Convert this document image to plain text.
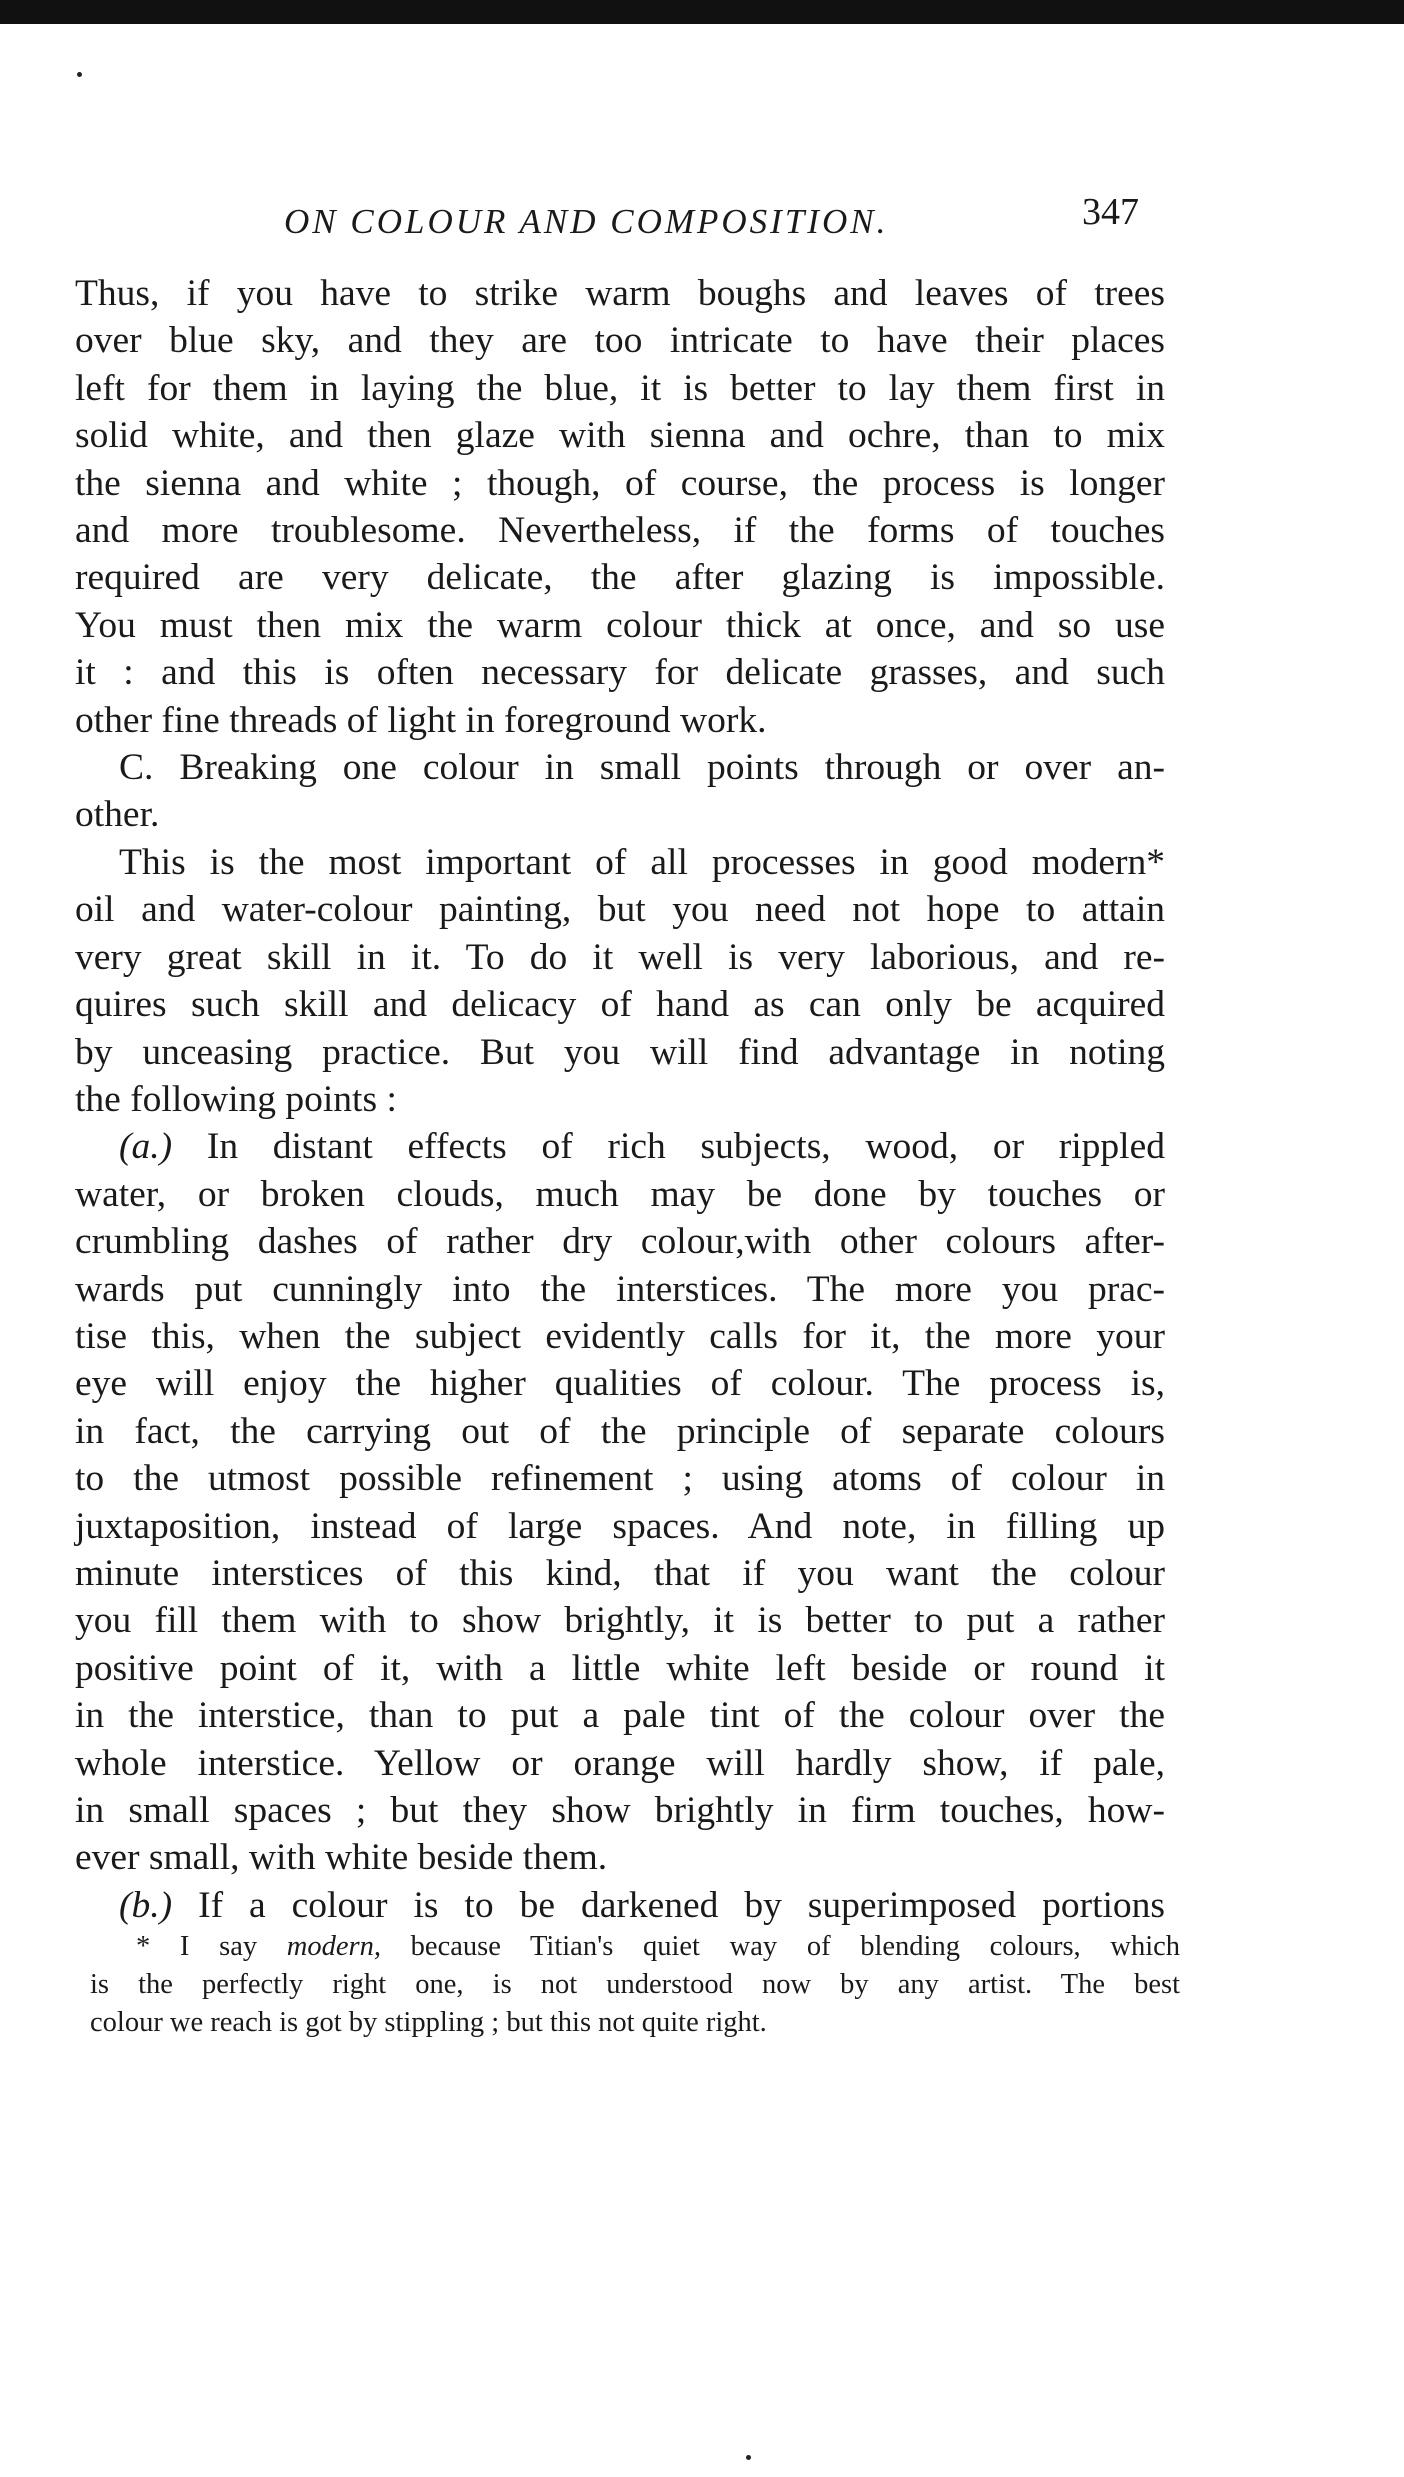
ON COLOUR AND COMPOSITION.	347
Thus, if you have to strike warm boughs and leaves of trees
over blue sky, and they are too intricate to have their places
left for them in laying the blue, it is better to lay them first in
solid white, and then glaze with sienna and ochre, than to mix
the sienna and white ; though, of course, the process is longer
and more troublesome. Nevertheless, if the forms of touches
required are very delicate, the after glazing is impossible.
You must then mix the warm colour thick at once, and so use
it : and this is often necessary for delicate grasses, and such
other fine threads of light in foreground work.
C. Breaking one colour in small points through or over an-
other.
This is the most important of all processes in good modern*
oil and water-colour painting, but you need not hope to attain
very great skill in it. To do it well is very laborious, and re-
quires such skill and delicacy of hand as can only be acquired
by unceasing practice. But you will find advantage in noting
the following points :
(a.) In distant effects of rich subjects, wood, or rippled
water, or broken clouds, much may be done by touches or
crumbling dashes of rather dry colour,with other colours after-
wards put cunningly into the interstices. The more you prac-
tise this, when the subject evidently calls for it, the more your
eye will enjoy the higher qualities of colour. The process is,
in fact, the carrying out of the principle of separate colours
to the utmost possible refinement ; using atoms of colour in
juxtaposition, instead of large spaces. And note, in filling up
minute interstices of this kind, that if you want the colour
you fill them with to show brightly, it is better to put a rather
positive point of it, with a little white left beside or round it
in the interstice, than to put a pale tint of the colour over the
whole interstice. Yellow or orange will hardly show, if pale,
in small spaces ; but they show brightly in firm touches, how-
ever small, with white beside them.
(b.) If a colour is to be darkened by superimposed portions
* I say modern, because Titian's quiet way of blending colours, which
is the perfectly right one, is not understood now by any artist. The best
colour we reach is got by stippling ; but this not quite right.
